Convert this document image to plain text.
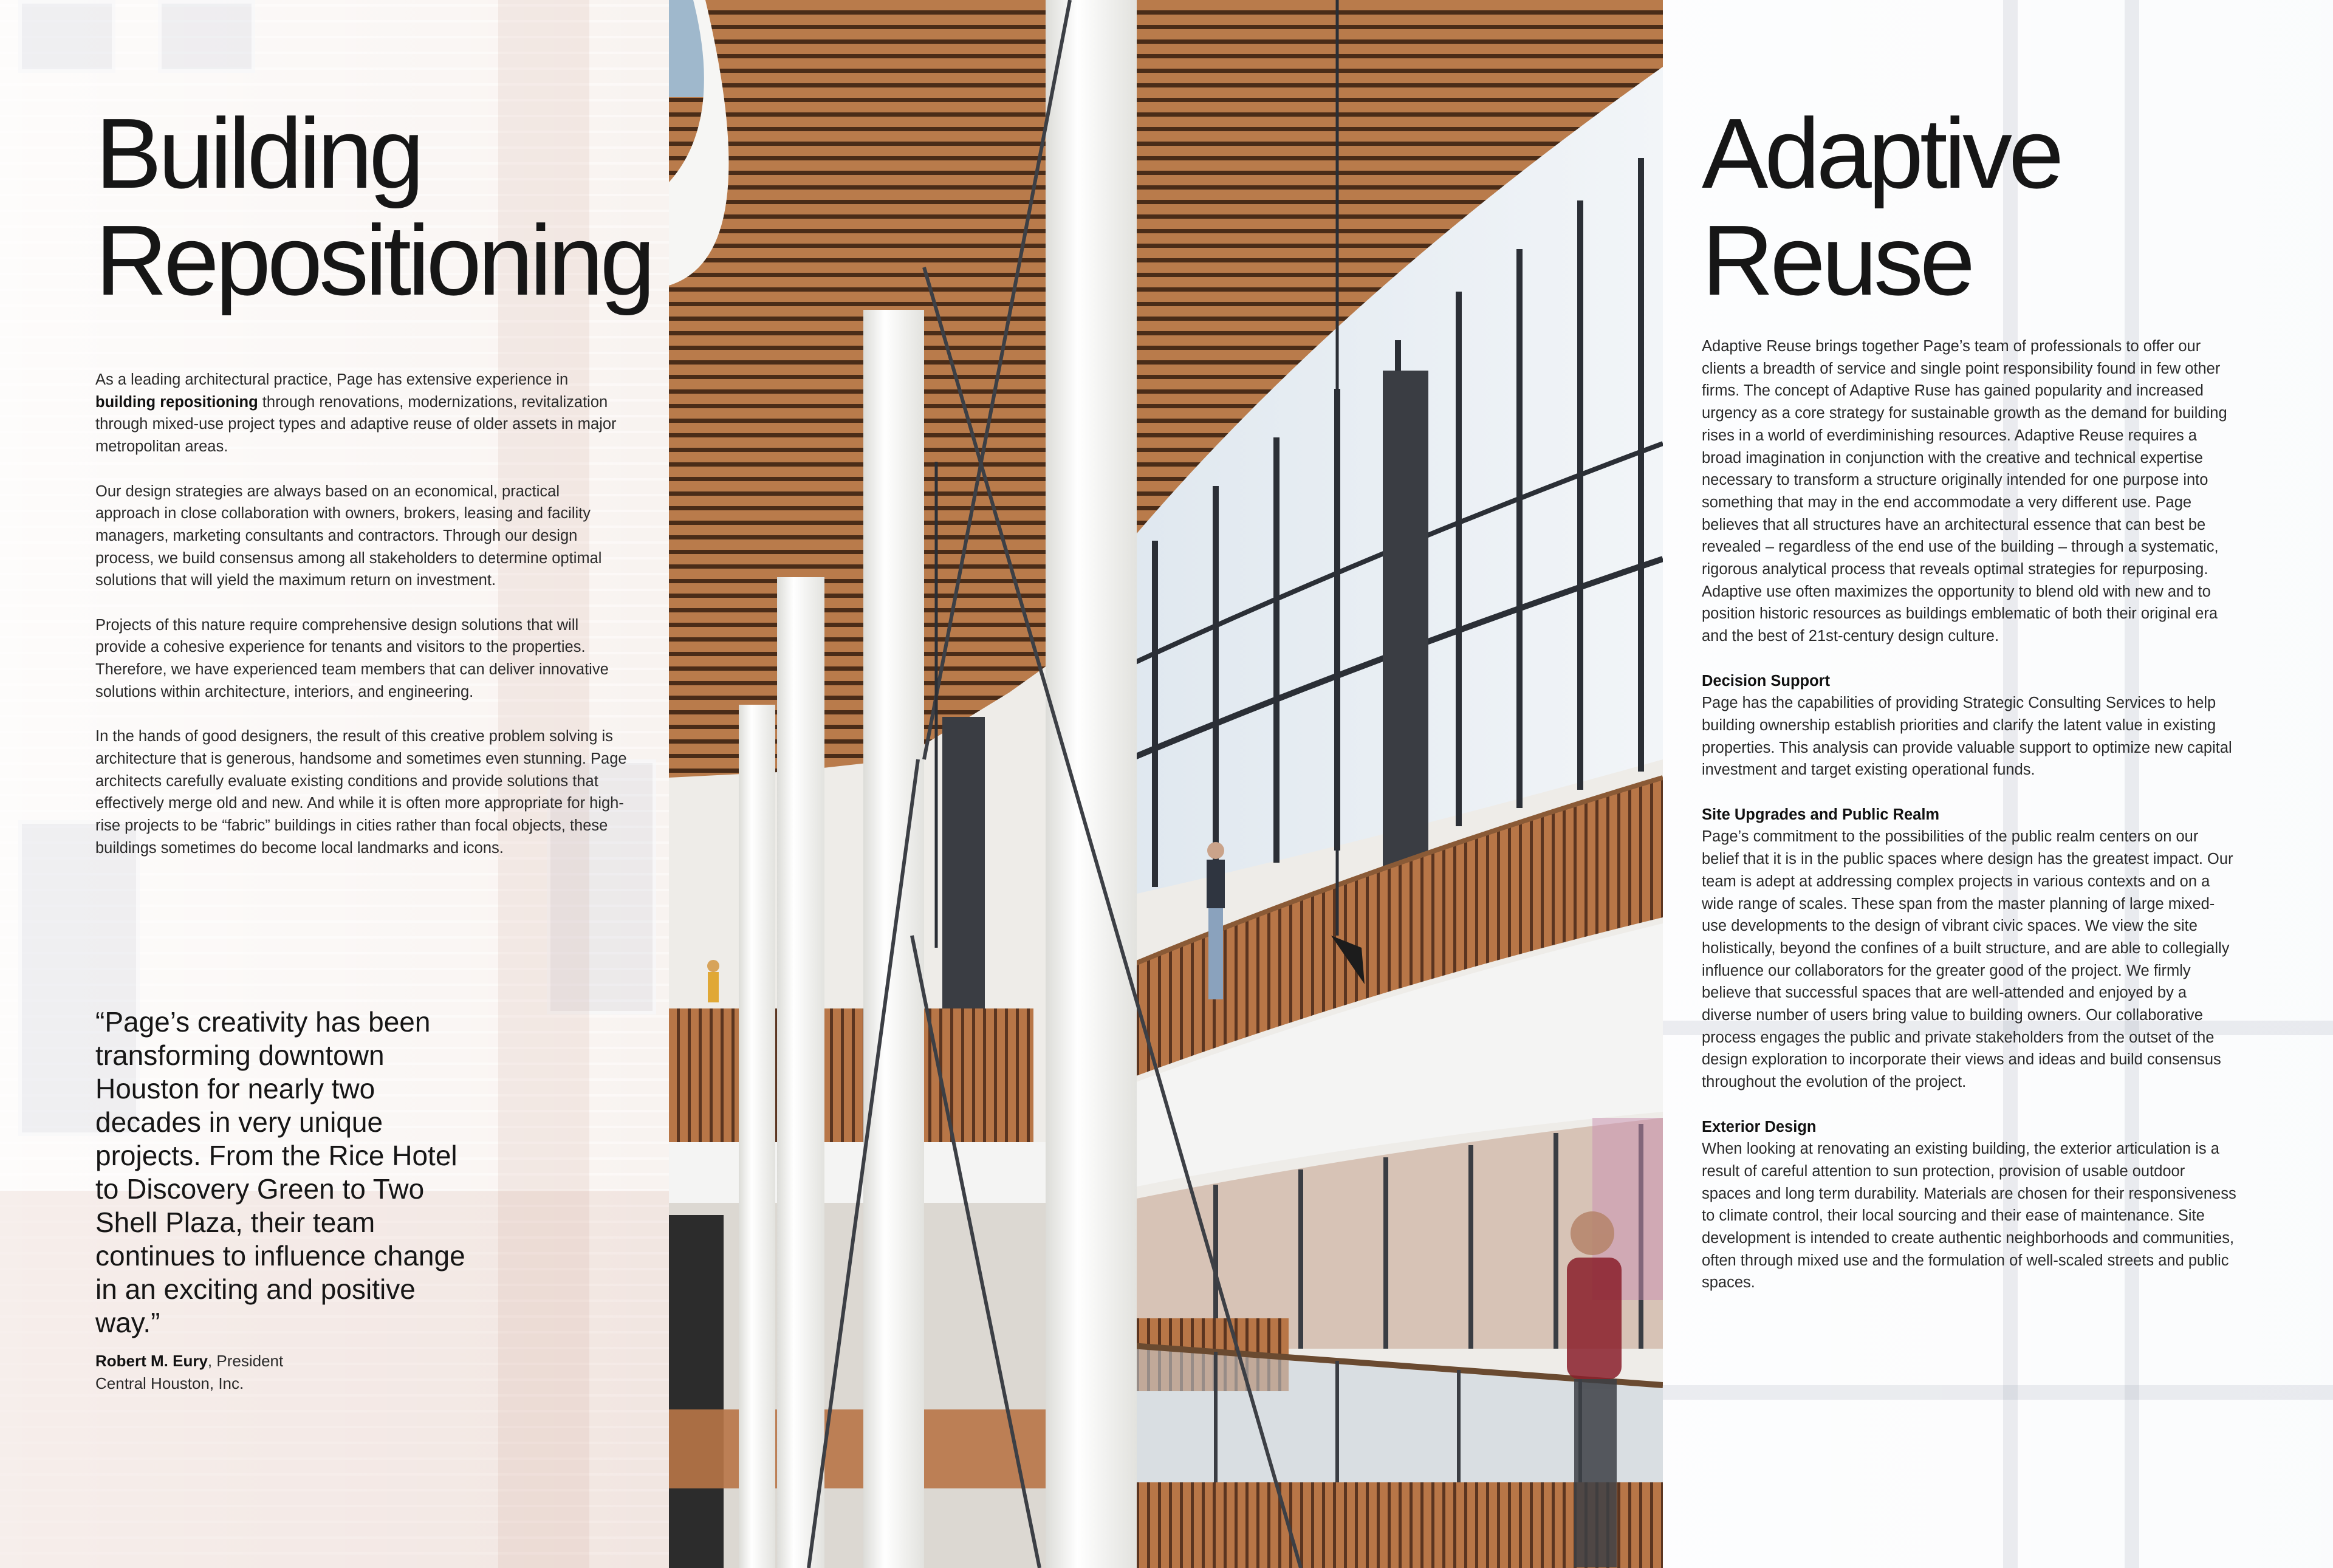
Building
Repositioning

As a leading architectural practice, Page has extensive experience in building repositioning through renovations, modernizations, revitalization through mixed-use project types and adaptive reuse of older assets in major metropolitan areas.

Our design strategies are always based on an economical, practical approach in close collaboration with owners, brokers, leasing and facility managers, marketing consultants and contractors. Through our design process, we build consensus among all stakeholders to determine optimal solutions that will yield the maximum return on investment.

Projects of this nature require comprehensive design solutions that will provide a cohesive experience for tenants and visitors to the properties. Therefore, we have experienced team members that can deliver innovative solutions within architecture, interiors, and engineering.

In the hands of good designers, the result of this creative problem solving is architecture that is generous, handsome and sometimes even stunning. Page architects carefully evaluate existing conditions and provide solutions that effectively merge old and new. And while it is often more appropriate for high-rise projects to be “fabric” buildings in cities rather than focal objects, these buildings sometimes do become local landmarks and icons.

“Page’s creativity has been transforming downtown Houston for nearly two decades in very unique projects. From the Rice Hotel to Discovery Green to Two Shell Plaza, their team continues to influence change in an exciting and positive way.”
Robert M. Eury, President
Central Houston, Inc.
Adaptive
Reuse

Adaptive Reuse brings together Page’s team of professionals to offer our clients a breadth of service and single point responsibility found in few other firms. The concept of Adaptive Ruse has gained popularity and increased urgency as a core strategy for sustainable growth as the demand for building rises in a world of everdiminishing resources. Adaptive Reuse requires a broad imagination in conjunction with the creative and technical expertise necessary to transform a structure originally intended for one purpose into something that may in the end accommodate a very different use. Page believes that all structures have an architectural essence that can best be revealed – regardless of the end use of the building – through a systematic, rigorous analytical process that reveals optimal strategies for repurposing. Adaptive use often maximizes the opportunity to blend old with new and to position historic resources as buildings emblematic of both their original era and the best of 21st-century design culture.

Decision Support

Page has the capabilities of providing Strategic Consulting Services to help building ownership establish priorities and clarify the latent value in existing properties. This analysis can provide valuable support to optimize new capital investment and target existing operational funds.

Site Upgrades and Public Realm

Page’s commitment to the possibilities of the public realm centers on our belief that it is in the public spaces where design has the greatest impact. Our team is adept at addressing complex projects in various contexts and on a wide range of scales. These span from the master planning of large mixed-use developments to the design of vibrant civic spaces. We view the site holistically, beyond the confines of a built structure, and are able to collegially influence our collaborators for the greater good of the project. We firmly believe that successful spaces that are well-attended and enjoyed by a diverse number of users bring value to building owners. Our collaborative process engages the public and private stakeholders from the outset of the design exploration to incorporate their views and ideas and build consensus throughout the evolution of the project.

Exterior Design

When looking at renovating an existing building, the exterior articulation is a result of careful attention to sun protection, provision of usable outdoor spaces and long term durability. Materials are chosen for their responsiveness to climate control, their local sourcing and their ease of maintenance. Site development is intended to create authentic neighborhoods and communities, often through mixed use and the formulation of well-scaled streets and public spaces.
